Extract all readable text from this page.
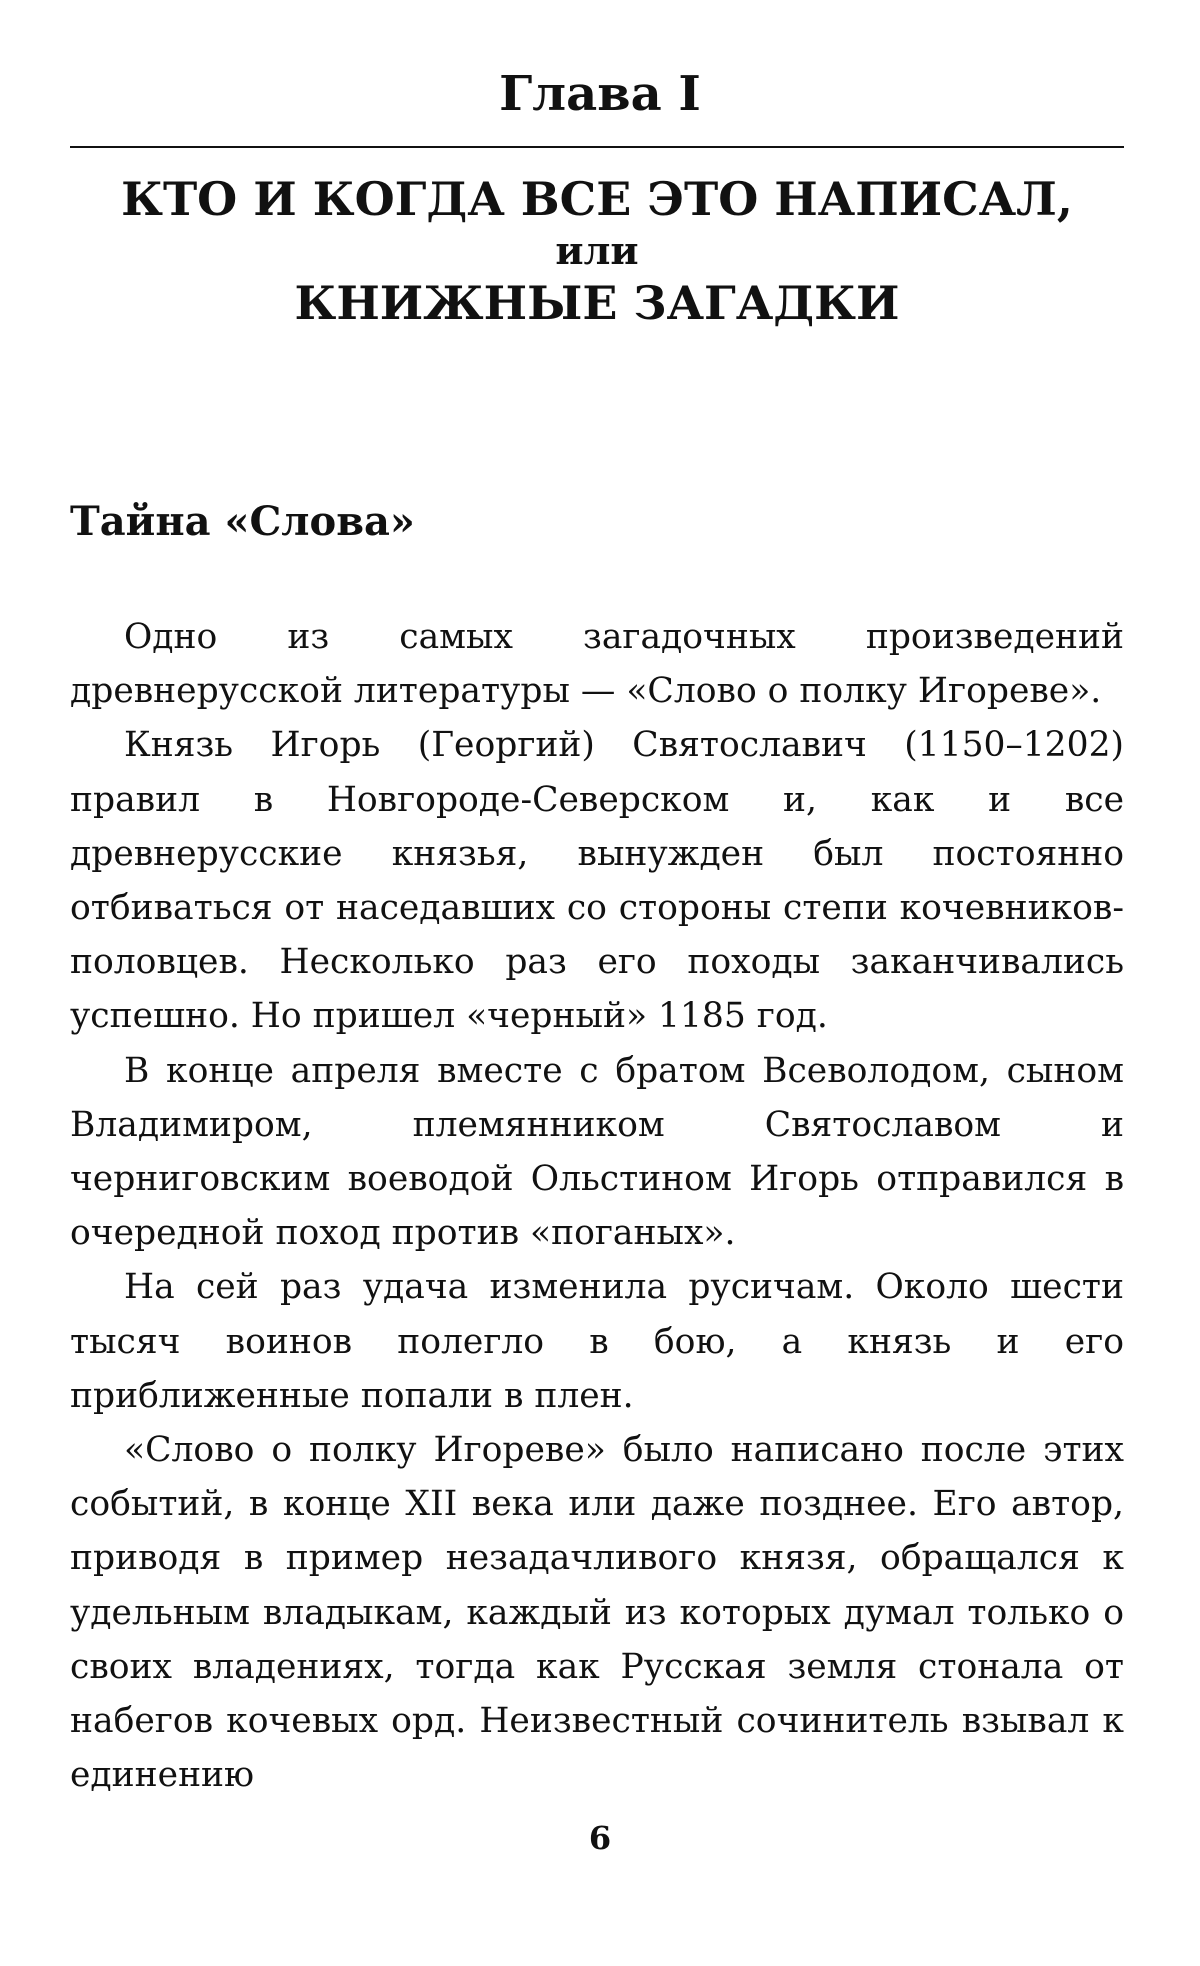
Глава I
КТО И КОГДА ВСЕ ЭТО НАПИСАЛ,
или
КНИЖНЫЕ ЗАГАДКИ
Тайна «Слова»

Одно из самых загадочных произведений древнерусской литературы — «Слово о полку Игореве».

Князь Игорь (Георгий) Святославич (1150–1202) правил в Новгороде-Северском и, как и все древнерусские князья, вынужден был постоянно отбиваться от наседавших со стороны степи кочевников-половцев. Несколько раз его походы заканчивались успешно. Но пришел «черный» 1185 год.

В конце апреля вместе с братом Всеволодом, сыном Владимиром, племянником Святославом и черниговским воеводой Ольстином Игорь отправился в очередной поход против «поганых».

На сей раз удача изменила русичам. Около шести тысяч воинов полегло в бою, а князь и его приближенные попали в плен.

«Слово о полку Игореве» было написано после этих событий, в конце XII века или даже позднее. Его автор, приводя в пример незадачливого князя, обращался к удельным владыкам, каждый из которых думал только о своих владениях, тогда как Русская земля стонала от набегов кочевых орд. Неизвестный сочинитель взывал к единению

6
